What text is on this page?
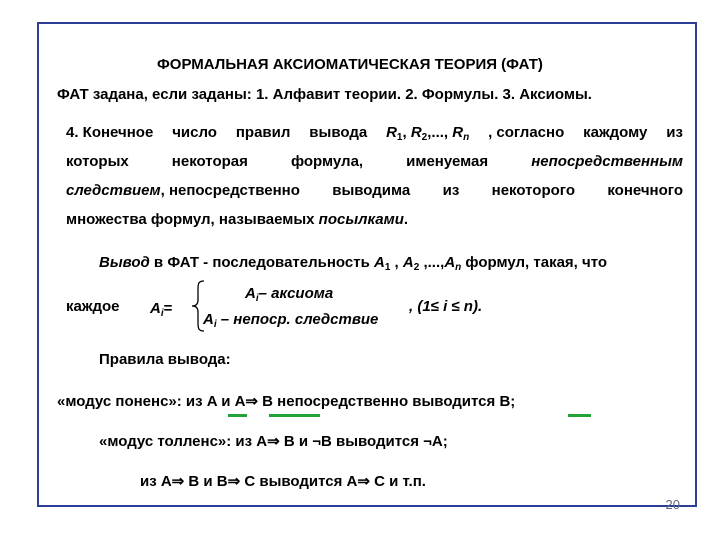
ФОРМАЛЬНАЯ АКСИОМАТИЧЕСКАЯ ТЕОРИЯ (ФАТ)
ФАТ задана, если заданы: 1. Алфавит теории. 2. Формулы. 3. Аксиомы.
4. Конечное число правил вывода $R_1$, $R_2$,..., $R_n$ , согласно каждому из
которых	некоторая	формула,	именуемая	непосредственным
следствием, непосредственно выводима из некоторого конечного
множества формул, называемых посылками.
Вывод в ФАТ - последовательность $A_1$ , $A_2$ $,...,A_n$ формул, такая, что
каждое $A_i=$
$A_i-$ аксиома
$A_i$ – непоср. следствие
, (1≤ i ≤ n).
Правила вывода:
«модус поненс»: из A и A⇒ B непосредственно выводится B;
«модус толленс»: из A⇒ B и ¬B выводится ¬A;
из A⇒ B и B⇒ C выводится A⇒ C и т.п.
20
